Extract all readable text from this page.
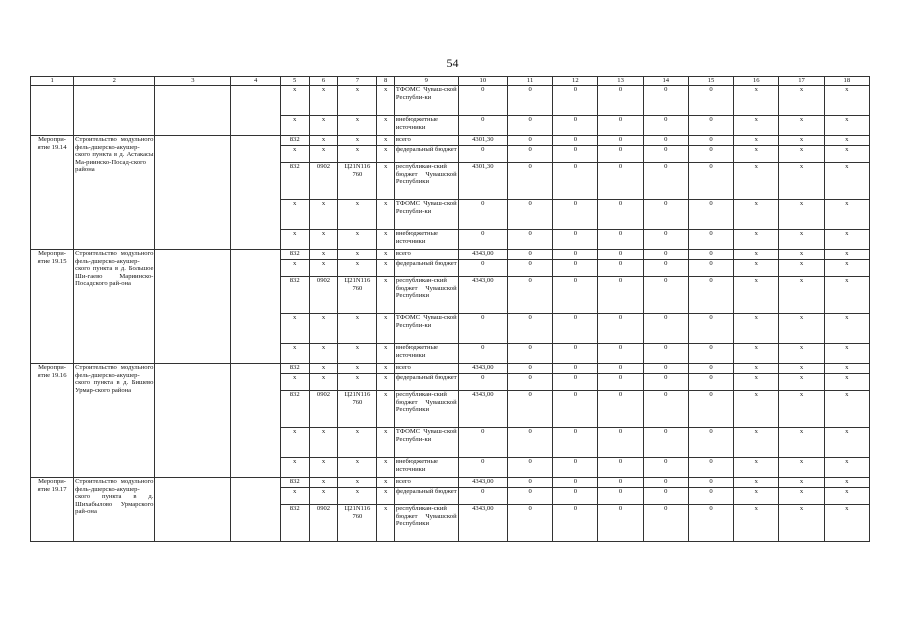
54
1	2	3	4	5	6	7	8	9	10	11	12	13	14	15	16	17	18
				х	х	х	х	ТФОМС Чуваш-ской Республи-ки	0	0	0	0	0	0	х	х	х
				х	х	х	х	внебюджетные источники	0	0	0	0	0	0	х	х	х
Меропри-ятие 19.14	Строительство модульного фель-дшерско-акушер-ского пункта в д. Астакасы Ма-риинско-Посад-ского района			832	х	х	х	всего	4301,30	0	0	0	0	0	х	х	х
				х	х	х	х	федеральный бюджет	0	0	0	0	0	0	х	х	х
				832	0902	Ц21N116 760	х	республикан-ский бюджет Чувашской Республики	4301,30	0	0	0	0	0	х	х	х
				х	х	х	х	ТФОМС Чуваш-ской Республи-ки	0	0	0	0	0	0	х	х	х
				х	х	х	х	внебюджетные источники	0	0	0	0	0	0	х	х	х
Меропри-ятие 19.15	Строительство модульного фель-дшерско-акушер-ского пункта в д. Большое Ши-гаево Мариинско-Посадского рай-она			832	х	х	х	всего	4343,00	0	0	0	0	0	х	х	х
				х	х	х	х	федеральный бюджет	0	0	0	0	0	0	х	х	х
				832	0902	Ц21N116 760	х	республикан-ский бюджет Чувашской Республики	4343,00	0	0	0	0	0	х	х	х
				х	х	х	х	ТФОМС Чуваш-ской Республи-ки	0	0	0	0	0	0	х	х	х
				х	х	х	х	внебюджетные источники	0	0	0	0	0	0	х	х	х
Меропри-ятие 19.16	Строительство модульного фель-дшерско-акушер-ского пункта в д. Бишево Урмар-ского района			832	х	х	х	всего	4343,00	0	0	0	0	0	х	х	х
				х	х	х	х	федеральный бюджет	0	0	0	0	0	0	х	х	х
				832	0902	Ц21N116 760	х	республикан-ский бюджет Чувашской Республики	4343,00	0	0	0	0	0	х	х	х
				х	х	х	х	ТФОМС Чуваш-ской Республи-ки	0	0	0	0	0	0	х	х	х
				х	х	х	х	внебюджетные источники	0	0	0	0	0	0	х	х	х
Меропри-ятие 19.17	Строительство модульного фель-дшерско-акушер-ского пункта в д. Шихабылово Урмарского рай-она			832	х	х	х	всего	4343,00	0	0	0	0	0	х	х	х
				х	х	х	х	федеральный бюджет	0	0	0	0	0	0	х	х	х
				832	0902	Ц21N116 760	х	республикан-ский бюджет Чувашской Республики	4343,00	0	0	0	0	0	х	х	х
